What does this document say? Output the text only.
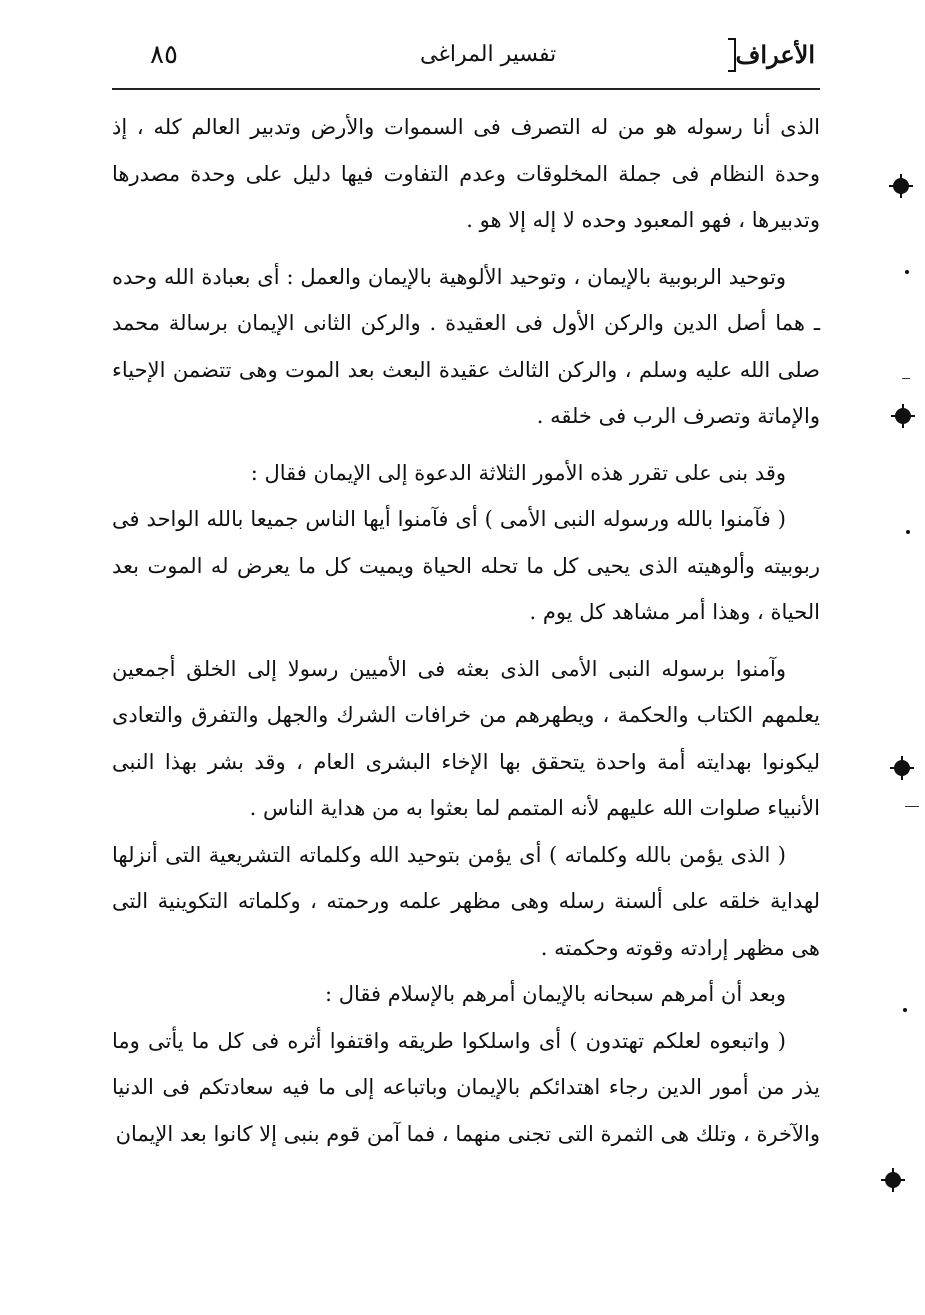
٨٥	تفسير المراغى	الأعراف

الذى أنا رسوله هو من له التصرف فى السموات والأرض وتدبير العالم كله ، إذ وحدة النظام فى جملة المخلوقات وعدم التفاوت فيها دليل على وحدة مصدرها وتدبيرها ، فهو المعبود وحده لا إله إلا هو .

وتوحيد الربوبية بالإيمان ، وتوحيد الألوهية بالإيمان والعمل : أى بعبادة الله وحده ـ هما أصل الدين والركن الأول فى العقيدة . والركن الثانى الإيمان برسالة محمد صلى الله عليه وسلم ، والركن الثالث عقيدة البعث بعد الموت وهى تتضمن الإحياء والإماتة وتصرف الرب فى خلقه .

وقد بنى على تقرر هذه الأمور الثلاثة الدعوة إلى الإيمان فقال :

( فآمنوا بالله ورسوله النبى الأمى ) أى فآمنوا أيها الناس جميعا بالله الواحد فى ربوبيته وألوهيته الذى يحيى كل ما تحله الحياة ويميت كل ما يعرض له الموت بعد الحياة ، وهذا أمر مشاهد كل يوم .

وآمنوا برسوله النبى الأمى الذى بعثه فى الأميين رسولا إلى الخلق أجمعين يعلمهم الكتاب والحكمة ، ويطهرهم من خرافات الشرك والجهل والتفرق والتعادى ليكونوا بهدايته أمة واحدة يتحقق بها الإخاء البشرى العام ، وقد بشر بهذا النبى الأنبياء صلوات الله عليهم لأنه المتمم لما بعثوا به من هداية الناس .

( الذى يؤمن بالله وكلماته ) أى يؤمن بتوحيد الله وكلماته التشريعية التى أنزلها لهداية خلقه على ألسنة رسله وهى مظهر علمه ورحمته ، وكلماته التكوينية التى هى مظهر إرادته وقوته وحكمته .

وبعد أن أمرهم سبحانه بالإيمان أمرهم بالإسلام فقال :

( واتبعوه لعلكم تهتدون ) أى واسلكوا طريقه واقتفوا أثره فى كل ما يأتى وما يذر من أمور الدين رجاء اهتدائكم بالإيمان وباتباعه إلى ما فيه سعادتكم فى الدنيا والآخرة ، وتلك هى الثمرة التى تجنى منهما ، فما آمن قوم بنبى إلا كانوا بعد الإيمان
